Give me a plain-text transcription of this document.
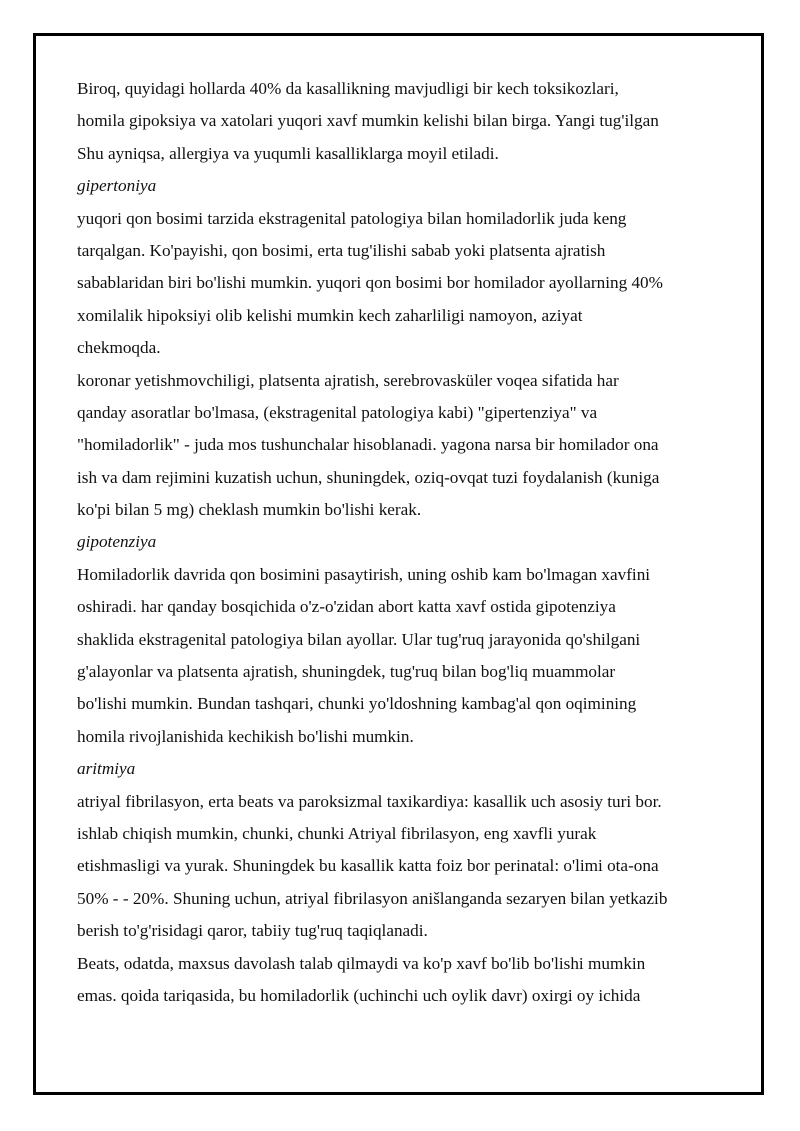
Biroq, quyidagi hollarda 40% da kasallikning mavjudligi bir kech toksikozlari,
homila gipoksiya va xatolari yuqori xavf mumkin kelishi bilan birga. Yangi tug'ilgan
Shu ayniqsa, allergiya va yuqumli kasalliklarga moyil etiladi.
gipertoniya
yuqori qon bosimi tarzida ekstragenital patologiya bilan homiladorlik juda keng
tarqalgan. Ko'payishi, qon bosimi, erta tug'ilishi sabab yoki platsenta ajratish
sabablaridan biri bo'lishi mumkin. yuqori qon bosimi bor homilador ayollarning 40%
xomilalik hipoksiyi olib kelishi mumkin kech zaharliligi namoyon, aziyat
chekmoqda.
koronar yetishmovchiligi, platsenta ajratish, serebrovasküler voqea sifatida har
qanday asoratlar bo'lmasa, (ekstragenital patologiya kabi) "gipertenziya" va
"homiladorlik" - juda mos tushunchalar hisoblanadi. yagona narsa bir homilador ona
ish va dam rejimini kuzatish uchun, shuningdek, oziq-ovqat tuzi foydalanish (kuniga
ko'pi bilan 5 mg) cheklash mumkin bo'lishi kerak.
gipotenziya
Homiladorlik davrida qon bosimini pasaytirish, uning oshib kam bo'lmagan xavfini
oshiradi. har qanday bosqichida o'z-o'zidan abort katta xavf ostida gipotenziya
shaklida ekstragenital patologiya bilan ayollar. Ular tug'ruq jarayonida qo'shilgani
g'alayonlar va platsenta ajratish, shuningdek, tug'ruq bilan bog'liq muammolar
bo'lishi mumkin. Bundan tashqari, chunki yo'ldoshning kambag'al qon oqimining
homila rivojlanishida kechikish bo'lishi mumkin.
aritmiya
atriyal fibrilasyon, erta beats va paroksizmal taxikardiya: kasallik uch asosiy turi bor.
ishlab chiqish mumkin, chunki, chunki Atriyal fibrilasyon, eng xavfli yurak
etishmasligi va yurak. Shuningdek bu kasallik katta foiz bor perinatal: o'limi ota-ona
50% - - 20%. Shuning uchun, atriyal fibrilasyon anišlanganda sezaryen bilan yetkazib
berish to'g'risidagi qaror, tabiiy tug'ruq taqiqlanadi.
Beats, odatda, maxsus davolash talab qilmaydi va ko'p xavf bo'lib bo'lishi mumkin
emas. qoida tariqasida, bu homiladorlik (uchinchi uch oylik davr) oxirgi oy ichida
